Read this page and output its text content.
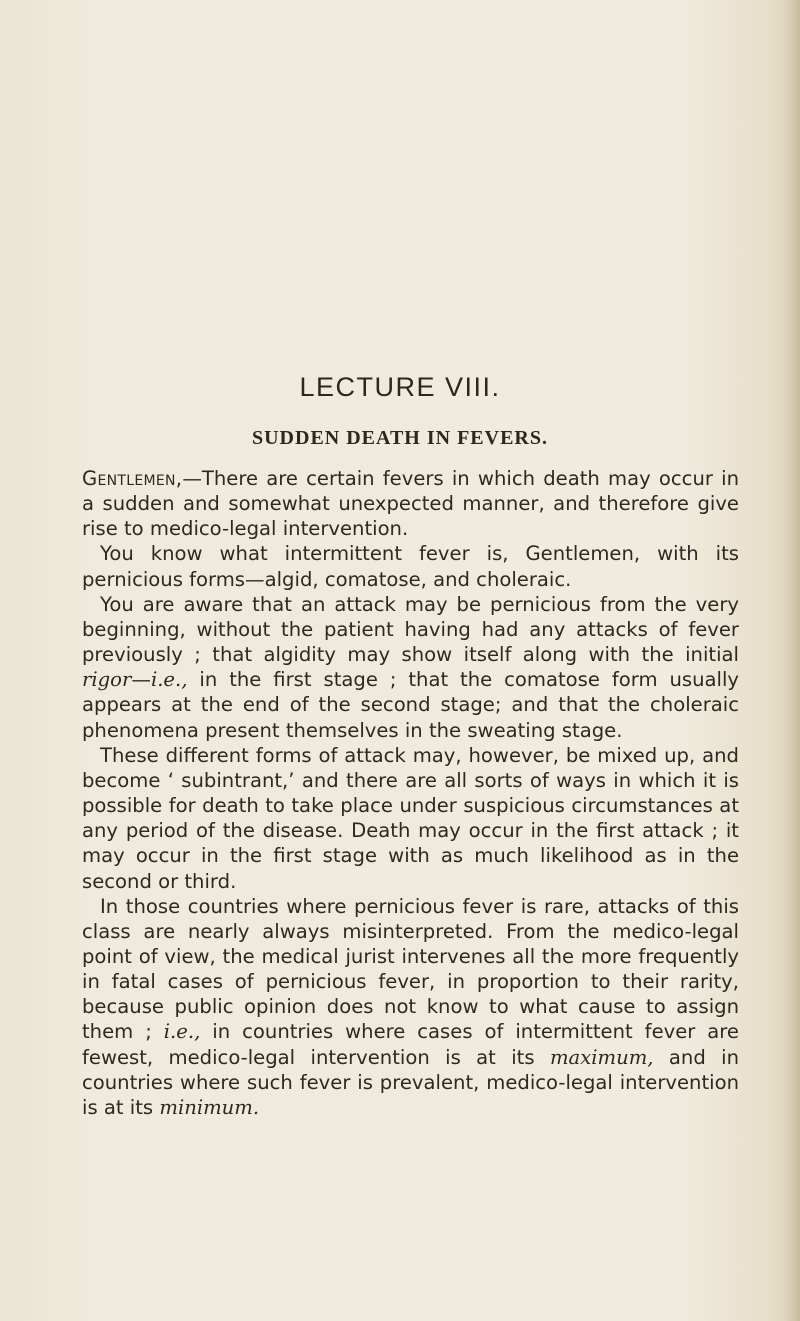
LECTURE VIII.
SUDDEN DEATH IN FEVERS.

Gentlemen,—There are certain fevers in which death may occur in a sudden and somewhat unexpected manner, and therefore give rise to medico-legal intervention.

You know what intermittent fever is, Gentlemen, with its pernicious forms—algid, comatose, and choleraic.

You are aware that an attack may be pernicious from the very beginning, without the patient having had any attacks of fever previously ; that algidity may show itself along with the initial rigor—i.e., in the first stage ; that the comatose form usually appears at the end of the second stage; and that the choleraic phenomena present themselves in the sweating stage.

These different forms of attack may, however, be mixed up, and become ‘ subintrant,’ and there are all sorts of ways in which it is possible for death to take place under suspicious circumstances at any period of the disease. Death may occur in the first attack ; it may occur in the first stage with as much likelihood as in the second or third.

In those countries where pernicious fever is rare, attacks of this class are nearly always misinterpreted. From the medico-legal point of view, the medical jurist intervenes all the more frequently in fatal cases of pernicious fever, in proportion to their rarity, because public opinion does not know to what cause to assign them ; i.e., in countries where cases of intermittent fever are fewest, medico-legal intervention is at its maximum, and in countries where such fever is prevalent, medico-legal intervention is at its minimum.
